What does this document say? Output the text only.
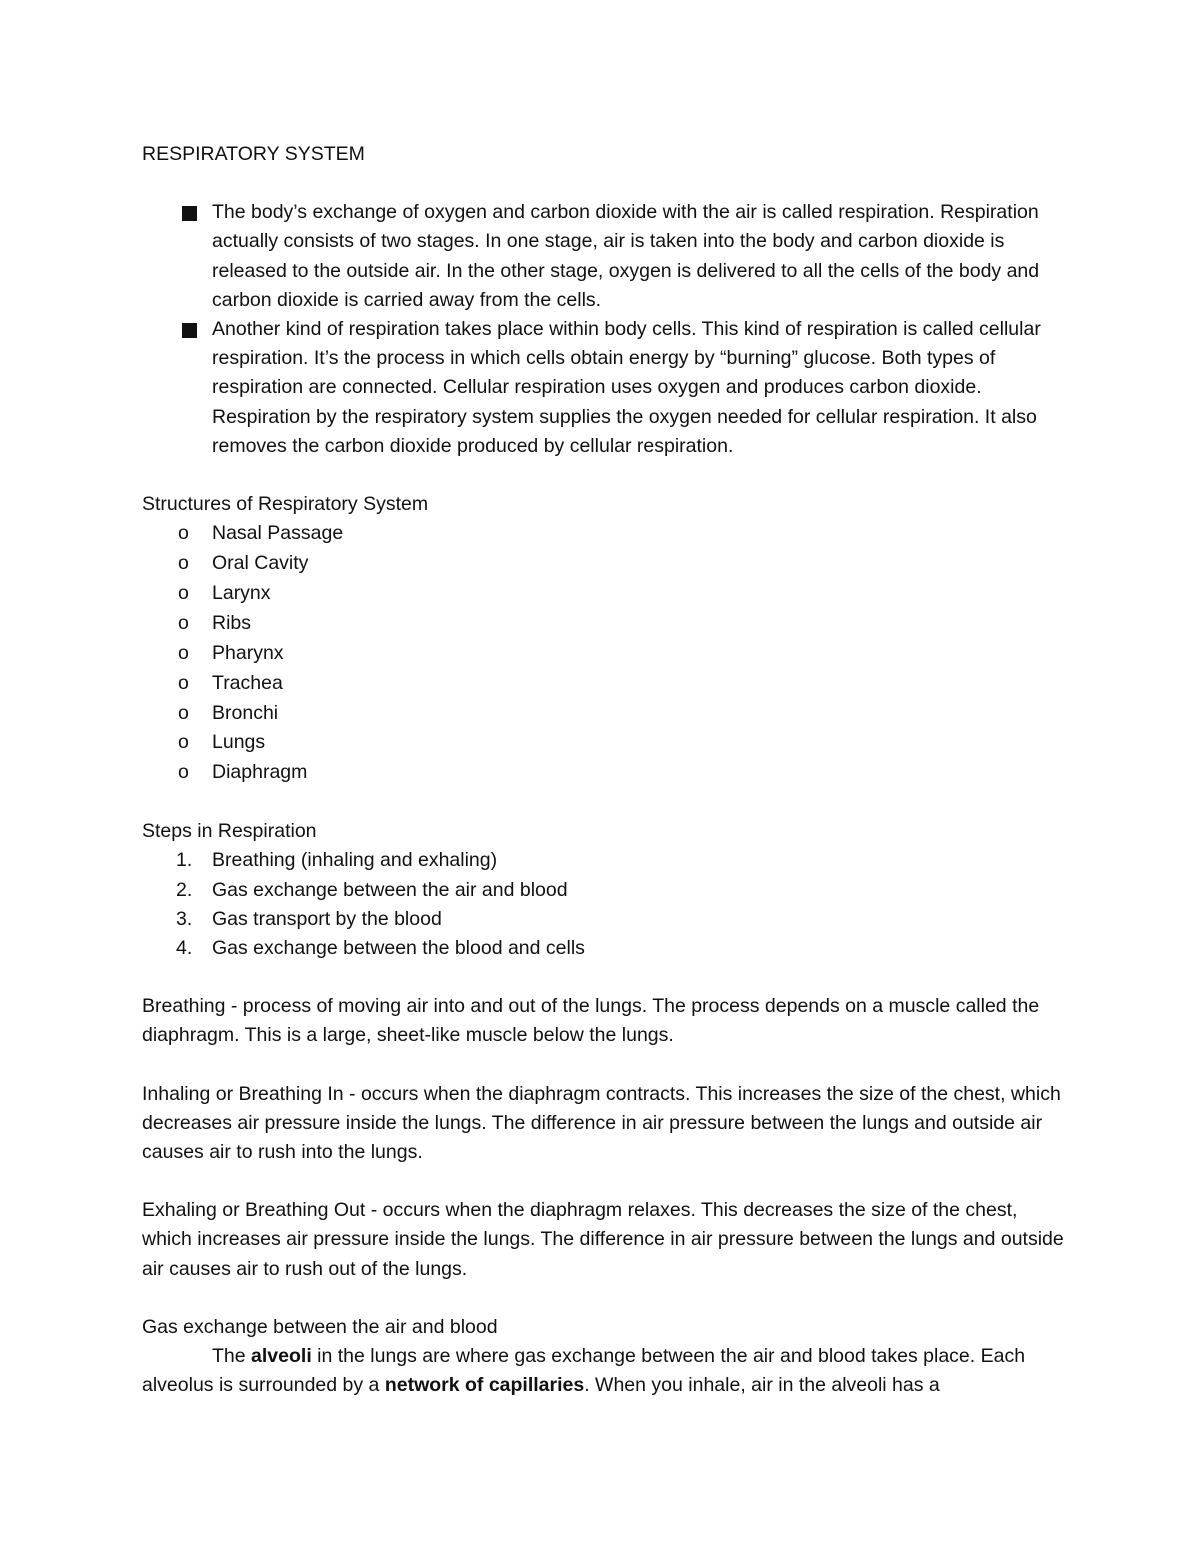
RESPIRATORY SYSTEM
The body’s exchange of oxygen and carbon dioxide with the air is called respiration. Respiration actually consists of two stages. In one stage, air is taken into the body and carbon dioxide is released to the outside air. In the other stage, oxygen is delivered to all the cells of the body and carbon dioxide is carried away from the cells.
Another kind of respiration takes place within body cells. This kind of respiration is called cellular respiration. It’s the process in which cells obtain energy by “burning” glucose. Both types of respiration are connected. Cellular respiration uses oxygen and produces carbon dioxide. Respiration by the respiratory system supplies the oxygen needed for cellular respiration. It also removes the carbon dioxide produced by cellular respiration.
Structures of Respiratory System
o	Nasal Passage
o	Oral Cavity
o	Larynx
o	Ribs
o	Pharynx
o	Trachea
o	Bronchi
o	Lungs
o	Diaphragm
Steps in Respiration
1. Breathing (inhaling and exhaling)
2. Gas exchange between the air and blood
3. Gas transport by the blood
4. Gas exchange between the blood and cells

Breathing - process of moving air into and out of the lungs. The process depends on a muscle called the diaphragm. This is a large, sheet-like muscle below the lungs.

Inhaling or Breathing In - occurs when the diaphragm contracts. This increases the size of the chest, which decreases air pressure inside the lungs. The difference in air pressure between the lungs and outside air causes air to rush into the lungs.

Exhaling or Breathing Out - occurs when the diaphragm relaxes. This decreases the size of the chest, which increases air pressure inside the lungs. The difference in air pressure between the lungs and outside air causes air to rush out of the lungs.

Gas exchange between the air and blood

The alveoli in the lungs are where gas exchange between the air and blood takes place. Each alveolus is surrounded by a network of capillaries. When you inhale, air in the alveoli has a
